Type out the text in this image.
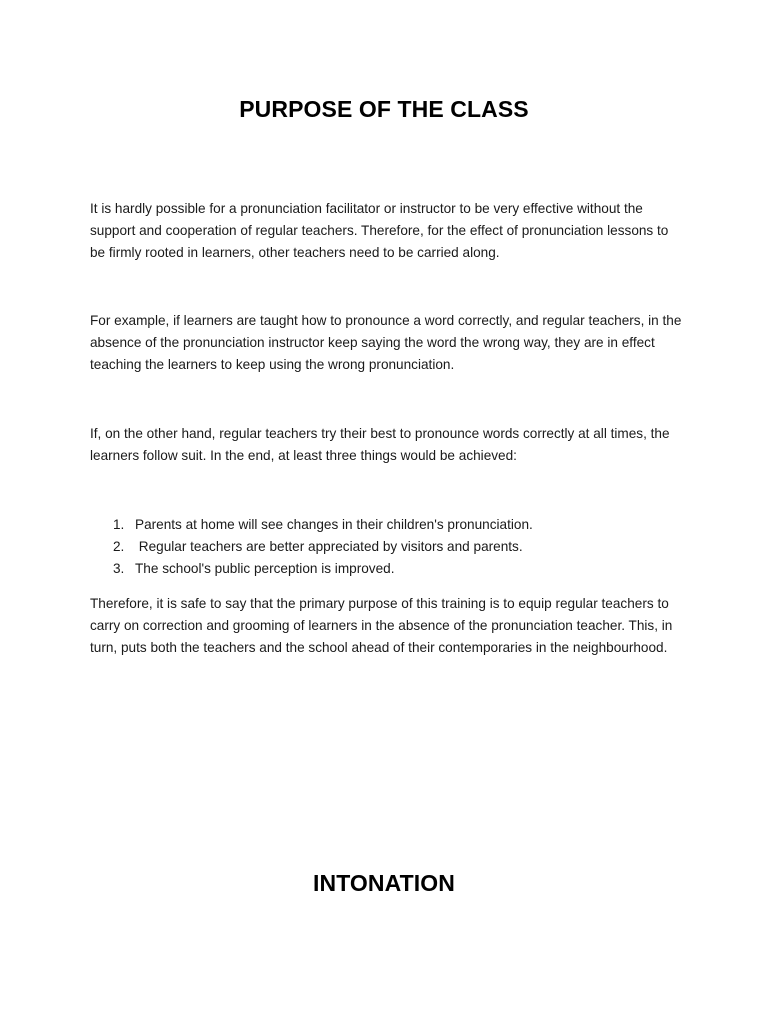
PURPOSE OF THE CLASS

It is hardly possible for a pronunciation facilitator or instructor to be very effective without the support and cooperation of regular teachers. Therefore, for the effect of pronunciation lessons to be firmly rooted in learners, other teachers need to be carried along.

For example, if learners are taught how to pronounce a word correctly, and regular teachers, in the absence of the pronunciation instructor keep saying the word the wrong way, they are in effect teaching the learners to keep using the wrong pronunciation.

If, on the other hand, regular teachers try their best to pronounce words correctly at all times, the learners follow suit. In the end, at least three things would be achieved:

1. Parents at home will see changes in their children's pronunciation.
2. Regular teachers are better appreciated by visitors and parents.
3. The school's public perception is improved.

Therefore, it is safe to say that the primary purpose of this training is to equip regular teachers to carry on correction and grooming of learners in the absence of the pronunciation teacher. This, in turn, puts both the teachers and the school ahead of their contemporaries in the neighbourhood.

INTONATION
